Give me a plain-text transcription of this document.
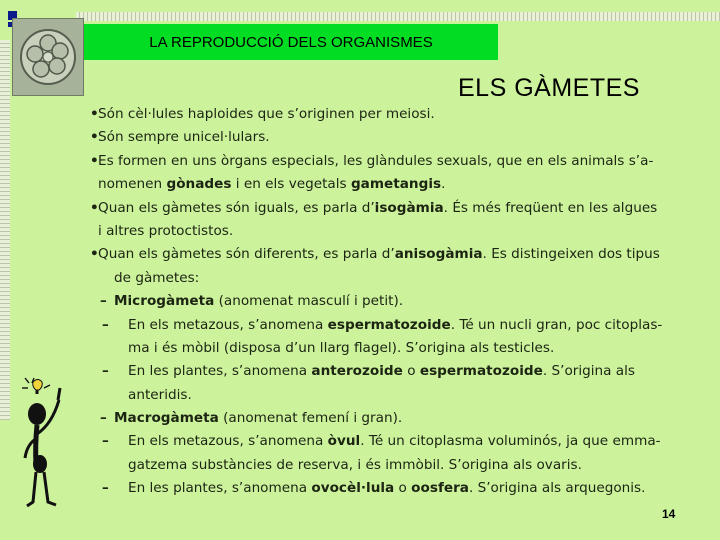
LA REPRODUCCIÓ DELS ORGANISMES
ELS GÀMETES
• Són cèl·lules haploides que s’originen per meiosi.
• Són sempre unicel·lulars.
• Es formen en uns òrgans especials, les glàndules sexuals, que en els animals s’a-
nomenen gònades i en els vegetals gametangis.
• Quan els gàmetes són iguals, es parla d’isogàmia. És més freqüent en les algues
i altres protoctistos.
• Quan els gàmetes són diferents, es parla d’anisogàmia. Es distingeixen dos tipus
de gàmetes:
– Microgàmeta (anomenat masculí i petit).
– En els metazous, s’anomena espermatozoide. Té un nucli gran, poc citoplas-
ma i és mòbil (disposa d’un llarg flagel). S’origina als testicles.
– En les plantes, s’anomena anterozoide o espermatozoide. S’origina als
anteridis.
– Macrogàmeta (anomenat femení i gran).
– En els metazous, s’anomena òvul. Té un citoplasma voluminós, ja que emma-
gatzema substàncies de reserva, i és immòbil. S’origina als ovaris.
– En les plantes, s’anomena ovocèl·lula o oosfera. S’origina als arquegonis.
14
